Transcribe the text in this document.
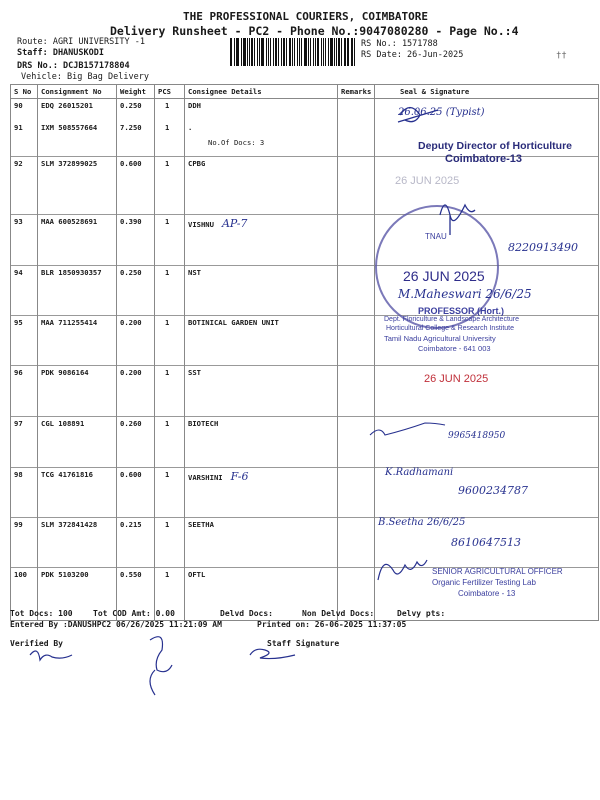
THE PROFESSIONAL COURIERS, COIMBATORE
Delivery Runsheet - PC2 - Phone No.:9047080280 - Page No.:4
Route: AGRI UNIVERSITY -1
Staff: DHANUSKODI
DRS No.: DCJB157178804
Vehicle: Big Bag Delivery
RS No.: 1571788
RS Date: 26-Jun-2025	††
S No	Consignment No	Weight	PCS	Consignee Details	Remarks	Seal & Signature
90	EDQ 26015201	0.250	1	DDH		
91	IXM 508557664	7.250	1	.
No.Of Docs: 3		

92	SLM 372899025	0.600	1	CPBG		
93	MAA 600528691	0.390	1	VISHNU AP-7		
94	BLR 1850930357	0.250	1	NST		
95	MAA 711255414	0.200	1	BOTINICAL GARDEN UNIT		
96	PDK 9086164	0.200	1	SST		
97	CGL 108891	0.260	1	BIOTECH		
98	TCG 41761816	0.600	1	VARSHINI F-6		
99	SLM 372841428	0.215	1	SEETHA		
100	PDK 5103200	0.550	1	OFTL		
26.06.25 (Typist)
Deputy Director of Horticulture
Coimbatore-13
26 JUN 2025
TNAU
8220913490
26 JUN 2025
M.Maheswari 26/6/25
PROFESSOR (Hort.)
Dept. Floriculture & Landscape Architecture
Horticultural College & Research Institute
Tamil Nadu Agricultural University
Coimbatore - 641 003
26 JUN 2025
9965418950
K.Radhamani
9600234787
B.Seetha 26/6/25
8610647513
SENIOR AGRICULTURAL OFFICER
Organic Fertilizer Testing Lab
Coimbatore - 13
Tot Docs: 100	Tot COD Amt: 0.00	Delvd Docs:	Non Delvd Docs:	Delvy pts:
Entered By :DANUSHPC2 06/26/2025 11:21:09 AM	Printed on: 26-06-2025 11:37:05
Verified By	Staff Signature
